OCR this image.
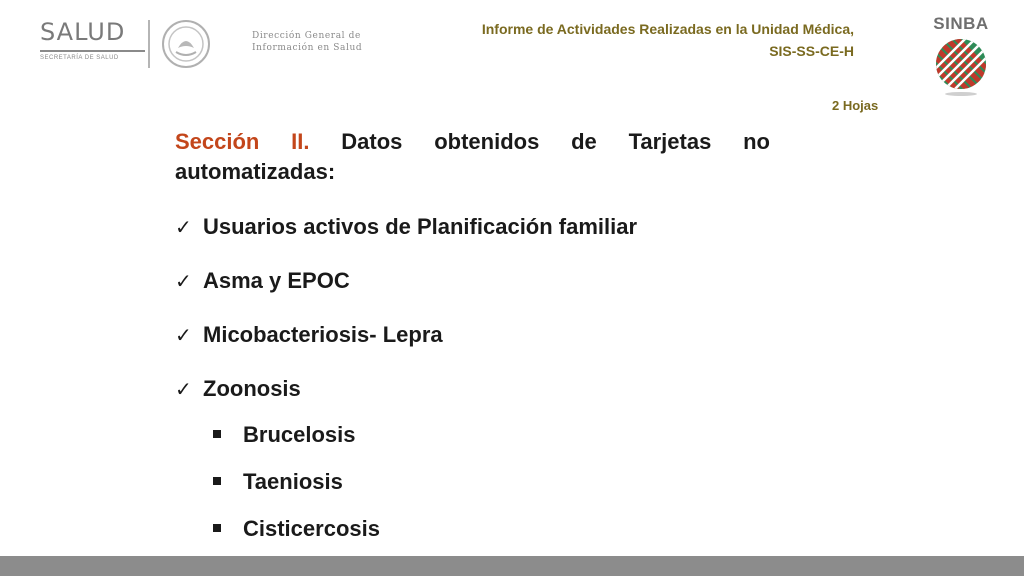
SALUD
SECRETARÍA DE SALUD
Dirección General de
Información en Salud
Informe de Actividades Realizadas en la Unidad Médica,
SIS-SS-CE-H
SINBA
2 Hojas
Sección II. Datos obtenidos de Tarjetas no automatizadas:
✓ Usuarios activos de Planificación familiar
✓ Asma y EPOC
✓ Micobacteriosis- Lepra
✓ Zoonosis
Brucelosis
Taeniosis
Cisticercosis
